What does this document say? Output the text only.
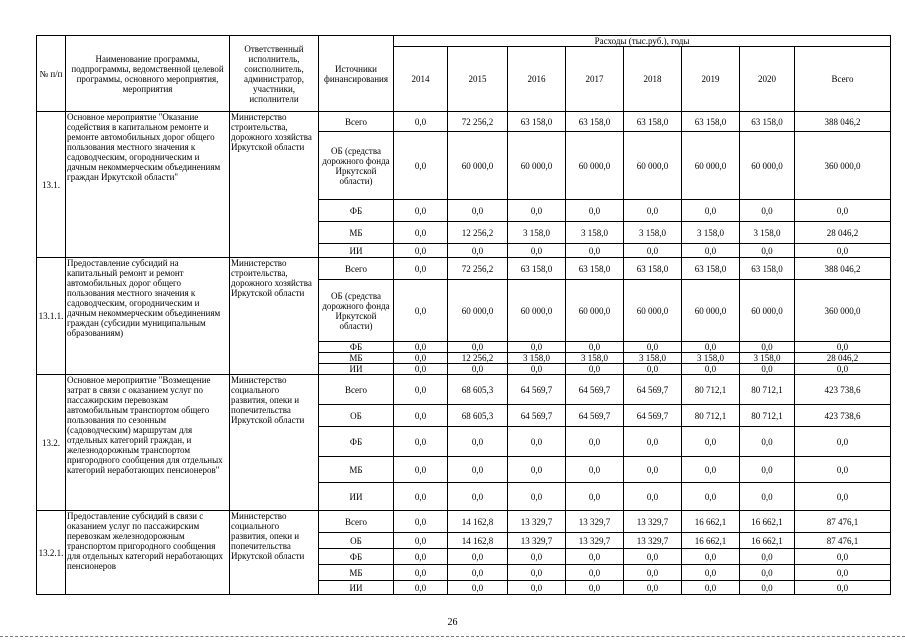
№ п/п	Наименование программы, подпрограммы, ведомственной целевой программы, основного мероприятия, мероприятия	Ответственный исполнитель, соисполнитель, администратор, участники, исполнители	Источники финансирования	Расходы (тыс.руб.), годы							
				2014	2015	2016	2017	2018	2019	2020	Всего
13.1.	Основное мероприятие "Оказание содействия в капитальном ремонте и ремонте автомобильных дорог общего пользования местного значения к садоводческим, огородническим и дачным некоммерческим объединениям граждан Иркутской области"	Министерство строительства, дорожного хозяйства Иркутской области	Всего	0,0	72 256,2	63 158,0	63 158,0	63 158,0	63 158,0	63 158,0	388 046,2
			ОБ (средства дорожного фонда Иркутской области)	0,0	60 000,0	60 000,0	60 000,0	60 000,0	60 000,0	60 000,0	360 000,0
			ФБ	0,0	0,0	0,0	0,0	0,0	0,0	0,0	0,0
			МБ	0,0	12 256,2	3 158,0	3 158,0	3 158,0	3 158,0	3 158,0	28 046,2
			ИИ	0,0	0,0	0,0	0,0	0,0	0,0	0,0	0,0
13.1.1.	Предоставление субсидий на капитальный ремонт и ремонт автомобильных дорог общего пользования местного значения к садоводческим, огородническим и дачным некоммерческим объединениям граждан (субсидии муниципальным образованиям)	Министерство строительства, дорожного хозяйства Иркутской области	Всего	0,0	72 256,2	63 158,0	63 158,0	63 158,0	63 158,0	63 158,0	388 046,2
			ОБ (средства дорожного фонда Иркутской области)	0,0	60 000,0	60 000,0	60 000,0	60 000,0	60 000,0	60 000,0	360 000,0
			ФБ	0,0	0,0	0,0	0,0	0,0	0,0	0,0	0,0
			МБ	0,0	12 256,2	3 158,0	3 158,0	3 158,0	3 158,0	3 158,0	28 046,2
			ИИ	0,0	0,0	0,0	0,0	0,0	0,0	0,0	0,0
13.2.	Основное мероприятие "Возмещение затрат в связи с оказанием услуг по пассажирским перевозкам автомобильным транспортом общего пользования по сезонным (садоводческим) маршрутам для отдельных категорий граждан, и железнодорожным транспортом пригородного сообщения для отдельных категорий неработающих пенсионеров"	Министерство социального развития, опеки и попечительства Иркутской области	Всего	0,0	68 605,3	64 569,7	64 569,7	64 569,7	80 712,1	80 712,1	423 738,6
			ОБ	0,0	68 605,3	64 569,7	64 569,7	64 569,7	80 712,1	80 712,1	423 738,6
			ФБ	0,0	0,0	0,0	0,0	0,0	0,0	0,0	0,0
			МБ	0,0	0,0	0,0	0,0	0,0	0,0	0,0	0,0
			ИИ	0,0	0,0	0,0	0,0	0,0	0,0	0,0	0,0
13.2.1.	Предоставление субсидий в связи с оказанием услуг по пассажирским перевозкам железнодорожным транспортом пригородного сообщения для отдельных категорий неработающих пенсионеров	Министерство социального развития, опеки и попечительства Иркутской области	Всего	0,0	14 162,8	13 329,7	13 329,7	13 329,7	16 662,1	16 662,1	87 476,1
			ОБ	0,0	14 162,8	13 329,7	13 329,7	13 329,7	16 662,1	16 662,1	87 476,1
			ФБ	0,0	0,0	0,0	0,0	0,0	0,0	0,0	0,0
			МБ	0,0	0,0	0,0	0,0	0,0	0,0	0,0	0,0
			ИИ	0,0	0,0	0,0	0,0	0,0	0,0	0,0	0,0
26
